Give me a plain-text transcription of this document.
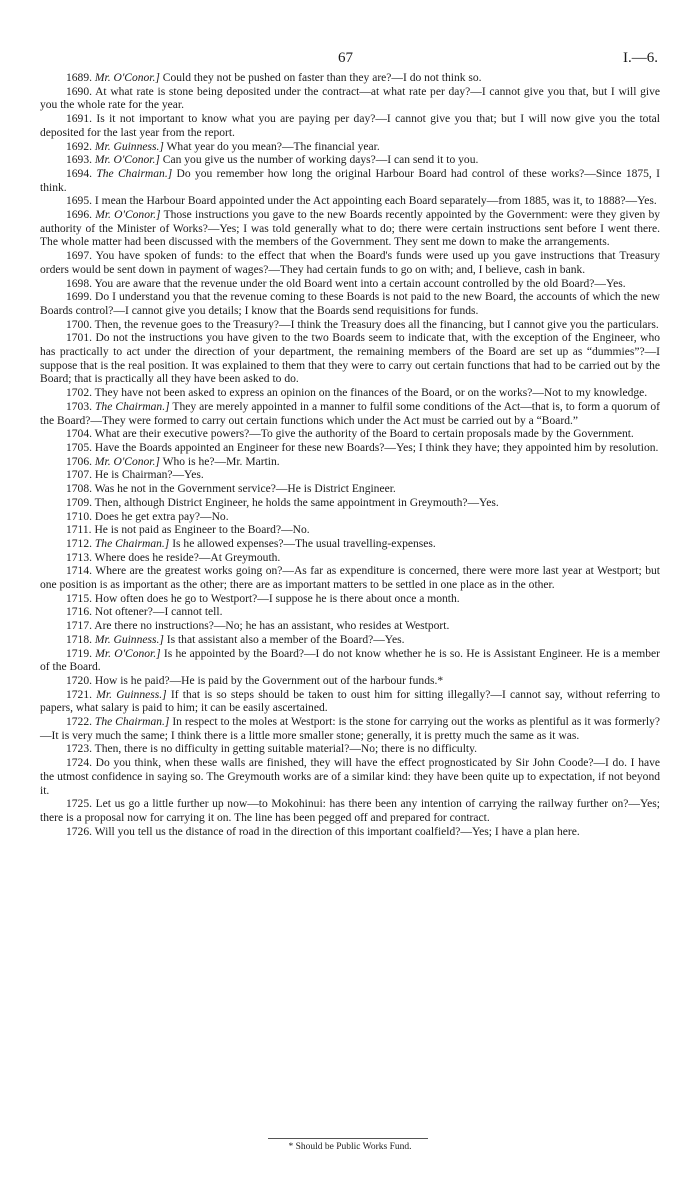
67	I.—6.

1689. Mr. O'Conor.] Could they not be pushed on faster than they are?—I do not think so.

1690. At what rate is stone being deposited under the contract—at what rate per day?—I cannot give you that, but I will give you the whole rate for the year.

1691. Is it not important to know what you are paying per day?—I cannot give you that; but I will now give you the total deposited for the last year from the report.

1692. Mr. Guinness.] What year do you mean?—The financial year.

1693. Mr. O'Conor.] Can you give us the number of working days?—I can send it to you.

1694. The Chairman.] Do you remember how long the original Harbour Board had control of these works?—Since 1875, I think.

1695. I mean the Harbour Board appointed under the Act appointing each Board separately—from 1885, was it, to 1888?—Yes.

1696. Mr. O'Conor.] Those instructions you gave to the new Boards recently appointed by the Government: were they given by authority of the Minister of Works?—Yes; I was told generally what to do; there were certain instructions sent before I went there. The whole matter had been discussed with the members of the Government. They sent me down to make the arrangements.

1697. You have spoken of funds: to the effect that when the Board's funds were used up you gave instructions that Treasury orders would be sent down in payment of wages?—They had certain funds to go on with; and, I believe, cash in bank.

1698. You are aware that the revenue under the old Board went into a certain account controlled by the old Board?—Yes.

1699. Do I understand you that the revenue coming to these Boards is not paid to the new Board, the accounts of which the new Boards control?—I cannot give you details; I know that the Boards send requisitions for funds.

1700. Then, the revenue goes to the Treasury?—I think the Treasury does all the financing, but I cannot give you the particulars.

1701. Do not the instructions you have given to the two Boards seem to indicate that, with the exception of the Engineer, who has practically to act under the direction of your department, the remaining members of the Board are set up as “dummies”?—I suppose that is the real position. It was explained to them that they were to carry out certain functions that had to be carried out by the Board; that is practically all they have been asked to do.

1702. They have not been asked to express an opinion on the finances of the Board, or on the works?—Not to my knowledge.

1703. The Chairman.] They are merely appointed in a manner to fulfil some conditions of the Act—that is, to form a quorum of the Board?—They were formed to carry out certain functions which under the Act must be carried out by a “Board.”

1704. What are their executive powers?—To give the authority of the Board to certain proposals made by the Government.

1705. Have the Boards appointed an Engineer for these new Boards?—Yes; I think they have; they appointed him by resolution.

1706. Mr. O'Conor.] Who is he?—Mr. Martin.

1707. He is Chairman?—Yes.

1708. Was he not in the Government service?—He is District Engineer.

1709. Then, although District Engineer, he holds the same appointment in Greymouth?—Yes.

1710. Does he get extra pay?—No.

1711. He is not paid as Engineer to the Board?—No.

1712. The Chairman.] Is he allowed expenses?—The usual travelling-expenses.

1713. Where does he reside?—At Greymouth.

1714. Where are the greatest works going on?—As far as expenditure is concerned, there were more last year at Westport; but one position is as important as the other; there are as important matters to be settled in one place as in the other.

1715. How often does he go to Westport?—I suppose he is there about once a month.

1716. Not oftener?—I cannot tell.

1717. Are there no instructions?—No; he has an assistant, who resides at Westport.

1718. Mr. Guinness.] Is that assistant also a member of the Board?—Yes.

1719. Mr. O'Conor.] Is he appointed by the Board?—I do not know whether he is so. He is Assistant Engineer. He is a member of the Board.

1720. How is he paid?—He is paid by the Government out of the harbour funds.*

1721. Mr. Guinness.] If that is so steps should be taken to oust him for sitting illegally?—I cannot say, without referring to papers, what salary is paid to him; it can be easily ascertained.

1722. The Chairman.] In respect to the moles at Westport: is the stone for carrying out the works as plentiful as it was formerly?—It is very much the same; I think there is a little more smaller stone; generally, it is pretty much the same as it was.

1723. Then, there is no difficulty in getting suitable material?—No; there is no difficulty.

1724. Do you think, when these walls are finished, they will have the effect prognosticated by Sir John Coode?—I do. I have the utmost confidence in saying so. The Greymouth works are of a similar kind: they have been quite up to expectation, if not beyond it.

1725. Let us go a little further up now—to Mokohinui: has there been any intention of carrying the railway further on?—Yes; there is a proposal now for carrying it on. The line has been pegged off and prepared for contract.

1726. Will you tell us the distance of road in the direction of this important coalfield?—Yes; I have a plan here.

* Should be Public Works Fund.
